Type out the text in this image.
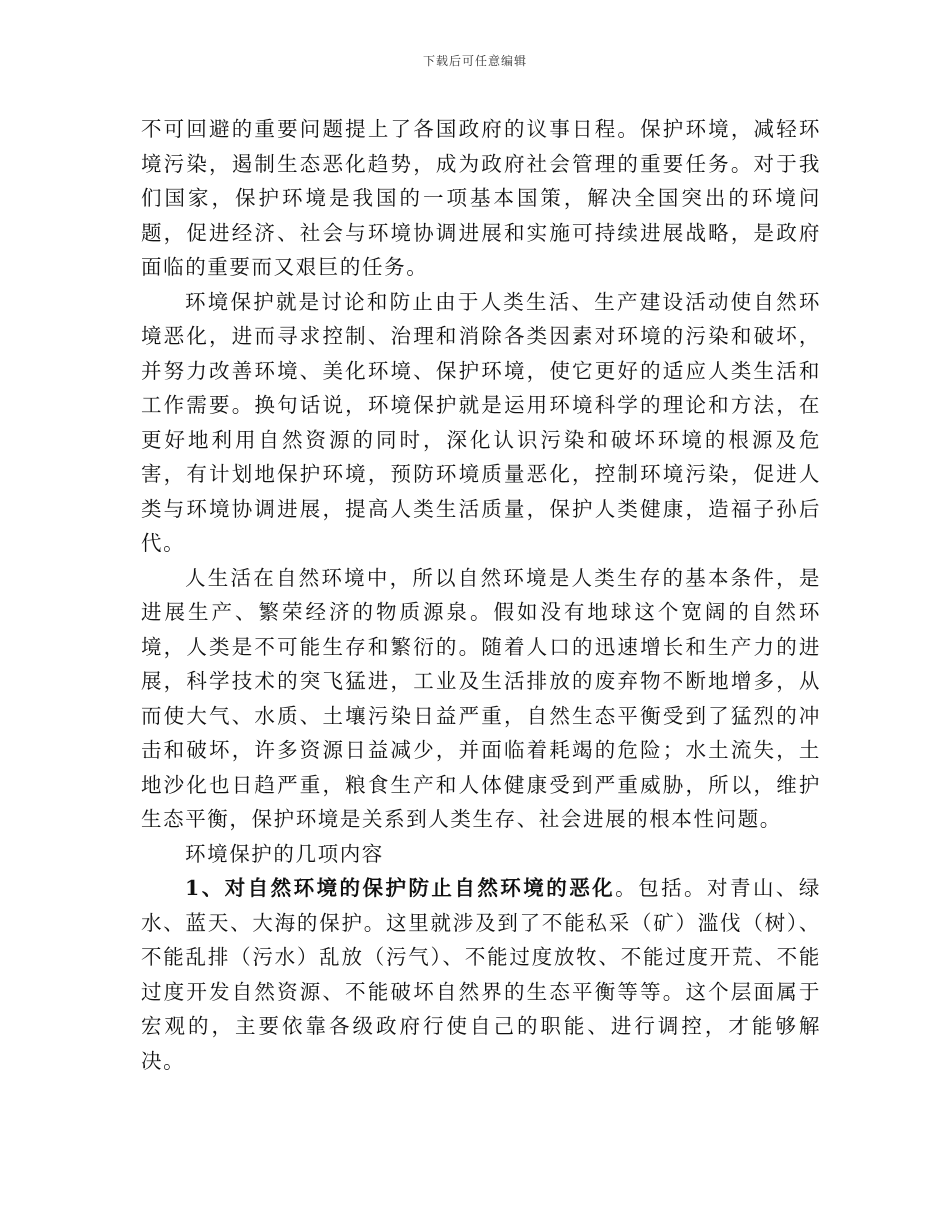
下载后可任意编辑

不可回避的重要问题提上了各国政府的议事日程。保护环境，减轻环境污染，遏制生态恶化趋势，成为政府社会管理的重要任务。对于我们国家，保护环境是我国的一项基本国策，解决全国突出的环境问题，促进经济、社会与环境协调进展和实施可持续进展战略，是政府面临的重要而又艰巨的任务。

环境保护就是讨论和防止由于人类生活、生产建设活动使自然环境恶化，进而寻求控制、治理和消除各类因素对环境的污染和破坏，并努力改善环境、美化环境、保护环境，使它更好的适应人类生活和工作需要。换句话说，环境保护就是运用环境科学的理论和方法，在更好地利用自然资源的同时，深化认识污染和破坏环境的根源及危害，有计划地保护环境，预防环境质量恶化，控制环境污染，促进人类与环境协调进展，提高人类生活质量，保护人类健康，造福子孙后代。

人生活在自然环境中，所以自然环境是人类生存的基本条件，是进展生产、繁荣经济的物质源泉。假如没有地球这个宽阔的自然环境，人类是不可能生存和繁衍的。随着人口的迅速增长和生产力的进展，科学技术的突飞猛进，工业及生活排放的废弃物不断地增多，从而使大气、水质、土壤污染日益严重，自然生态平衡受到了猛烈的冲击和破坏，许多资源日益减少，并面临着耗竭的危险；水土流失，土地沙化也日趋严重，粮食生产和人体健康受到严重威胁，所以，维护生态平衡，保护环境是关系到人类生存、社会进展的根本性问题。

环境保护的几项内容

1、对自然环境的保护防止自然环境的恶化。包括。对青山、绿水、蓝天、大海的保护。这里就涉及到了不能私采（矿）滥伐（树）、不能乱排（污水）乱放（污气）、不能过度放牧、不能过度开荒、不能过度开发自然资源、不能破坏自然界的生态平衡等等。这个层面属于宏观的，主要依靠各级政府行使自己的职能、进行调控，才能够解决。
